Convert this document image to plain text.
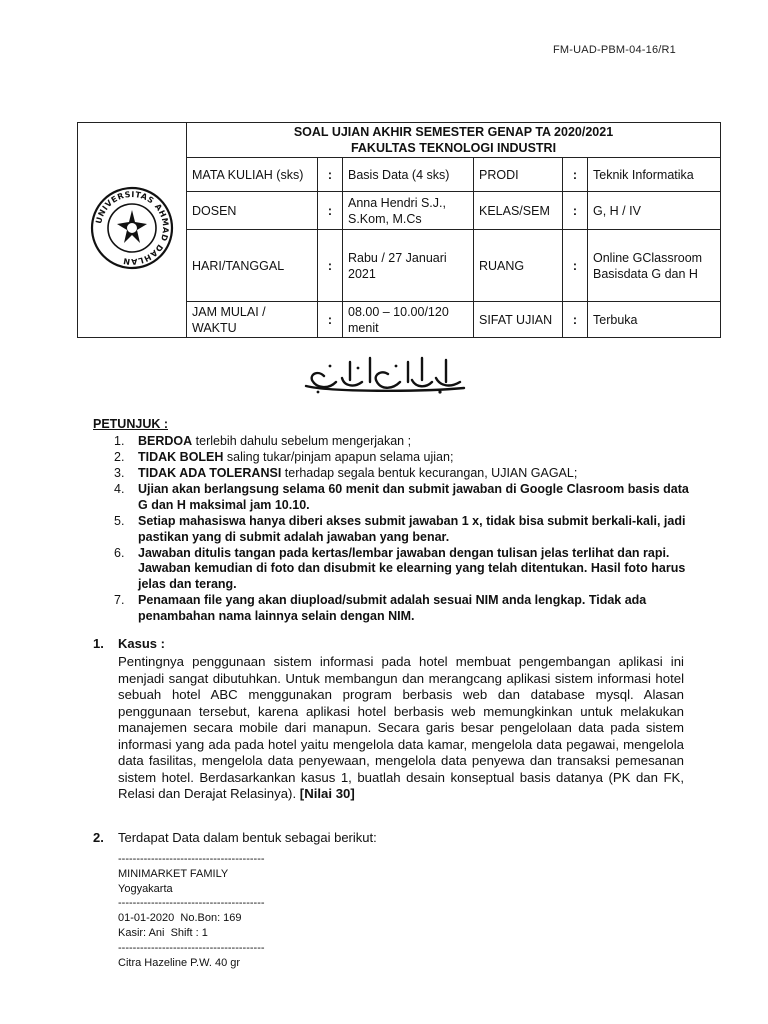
FM-UAD-PBM-04-16/R1
UNIVERSITAS AHMAD DAHLAN	SOAL UJIAN AKHIR SEMESTER GENAP TA 2020/2021
FAKULTAS TEKNOLOGI INDUSTRI					

	MATA KULIAH (sks)	:	Basis Data (4 sks)	PRODI	:	Teknik Informatika
	DOSEN	:	Anna Hendri S.J., S.Kom, M.Cs	KELAS/SEM	:	G, H / IV
	HARI/TANGGAL	:	Rabu / 27 Januari 2021	RUANG	:	Online GClassroom Basisdata G dan H
	JAM MULAI / WAKTU	:	08.00 – 10.00/120 menit	SIFAT UJIAN	:	Terbuka
PETUNJUK :
1. BERDOA terlebih dahulu sebelum mengerjakan ;
2. TIDAK BOLEH saling tukar/pinjam apapun selama ujian;
3. TIDAK ADA TOLERANSI terhadap segala bentuk kecurangan, UJIAN GAGAL;
4. Ujian akan berlangsung selama 60 menit dan submit jawaban di Google Clasroom basis data G dan H maksimal jam 10.10.
5. Setiap mahasiswa hanya diberi akses submit jawaban 1 x, tidak bisa submit berkali-kali, jadi pastikan yang di submit adalah jawaban yang benar.
6. Jawaban ditulis tangan pada kertas/lembar jawaban dengan tulisan jelas terlihat dan rapi. Jawaban kemudian di foto dan disubmit ke elearning yang telah ditentukan. Hasil foto harus jelas dan terang.
7. Penamaan file yang akan diupload/submit adalah sesuai NIM anda lengkap. Tidak ada penambahan nama lainnya selain dengan NIM.
1. Kasus :
Pentingnya penggunaan sistem informasi pada hotel membuat pengembangan aplikasi ini menjadi sangat dibutuhkan. Untuk membangun dan merangcang aplikasi sistem informasi hotel sebuah hotel ABC menggunakan program berbasis web dan database mysql. Alasan penggunaan tersebut, karena aplikasi hotel berbasis web memungkinkan untuk melakukan manajemen secara mobile dari manapun. Secara garis besar pengelolaan data pada sistem informasi yang ada pada hotel yaitu mengelola data kamar, mengelola data pegawai, mengelola data fasilitas, mengelola data penyewaan, mengelola data penyewa dan transaksi pemesanan sistem hotel. Berdasarkankan kasus 1, buatlah desain konseptual basis datanya (PK dan FK, Relasi dan Derajat Relasinya). [Nilai 30]
2. Terdapat Data dalam bentuk sebagai berikut:
----------------------------------------
MINIMARKET FAMILY
Yogyakarta
----------------------------------------
01-01-2020  No.Bon: 169
Kasir: Ani  Shift : 1
----------------------------------------
Citra Hazeline P.W. 40 gr
